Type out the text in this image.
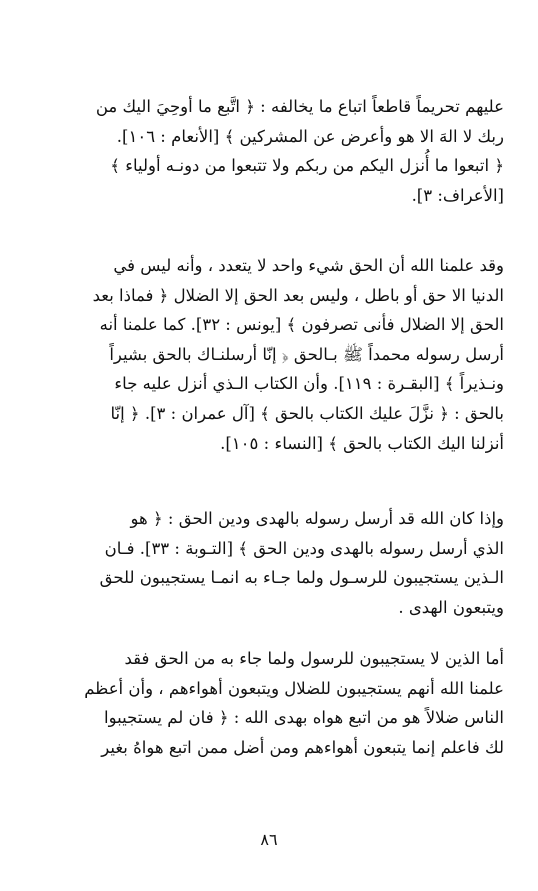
عليهم تحريماً قاطعاً اتباع ما يخالفه : ﴿ اتَّبع ما أوحِيَ اليك من
ربك لا الهَ الا هو وأعرض عن المشركين ﴾ [الأنعام : ١٠٦].
﴿ اتبعوا ما أُنزل اليكم من ربكم ولا تتبعوا من دونـه أولياء ﴾
[الأعراف: ٣].
وقد علمنا الله أن الحق شيء واحد لا يتعدد ، وأنه ليس في
الدنيا الا حق أو باطل ، وليس بعد الحق إلا الضلال ﴿ فماذا بعد
الحق إلا الضلال فأنى تصرفون ﴾ [يونس : ٣٢]. كما علمنا أنه
أرسل رسوله محمداً ﷺ بـالحق ﴿ إنّا أرسلنـاك بالحق بشيراً
ونـذيراً ﴾ [البقـرة : ١١٩]. وأن الكتاب الـذي أنزل عليه جاء
بالحق : ﴿ نزَّلَ عليك الكتاب بالحق ﴾ [آل عمران : ٣]. ﴿ إنّا
أنزلنا اليك الكتاب بالحق ﴾ [النساء : ١٠٥].
وإذا كان الله قد أرسل رسوله بالهدى ودين الحق : ﴿ هو
الذي أرسل رسوله بالهدى ودين الحق ﴾ [التـوبة : ٣٣]. فـان
الـذين يستجيبون للرسـول ولما جـاء به انمـا يستجيبون للحق
ويتبعون الهدى .
أما الذين لا يستجيبون للرسول ولما جاء به من الحق فقد
علمنا الله أنهم يستجيبون للضلال ويتبعون أهواءهم ، وأن أعظم
الناس ضلالاً هو من اتبع هواه بهدى الله : ﴿ فان لم يستجيبوا
لك فاعلم إنما يتبعون أهواءهم ومن أضل ممن اتبع هواهُ بغير
٨٦
